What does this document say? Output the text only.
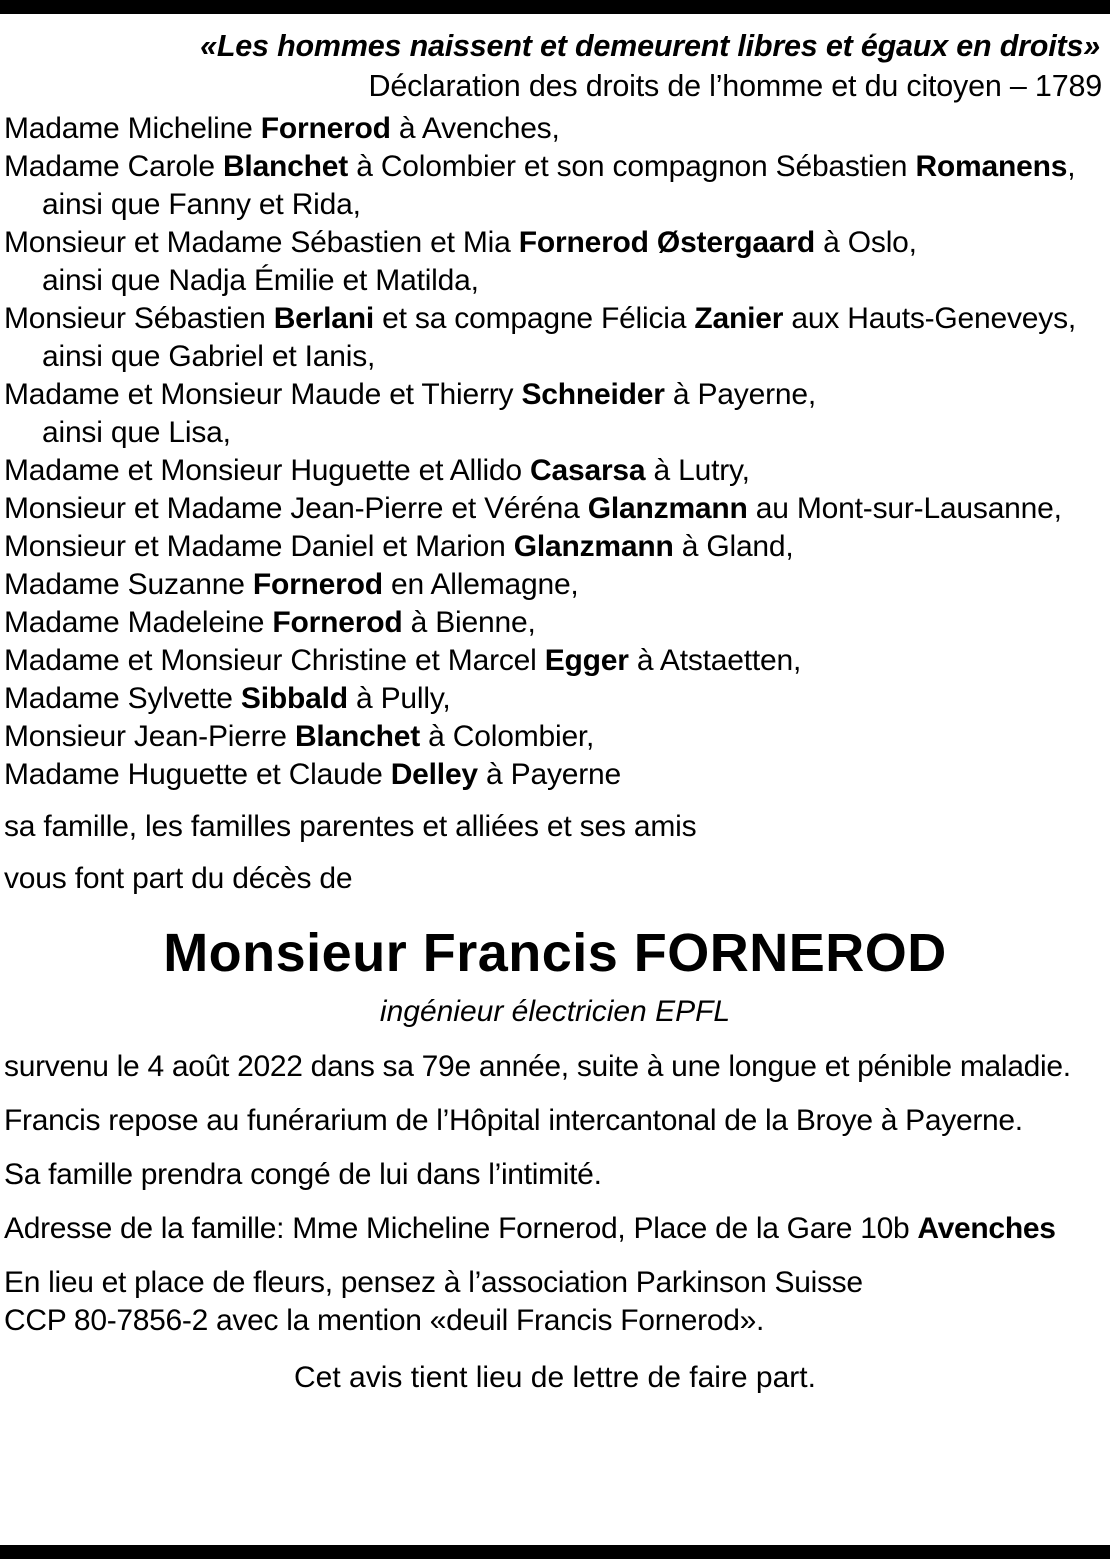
«Les hommes naissent et demeurent libres et égaux en droits»
Déclaration des droits de l’homme et du citoyen – 1789
Madame Micheline Fornerod à Avenches,
Madame Carole Blanchet à Colombier et son compagnon Sébastien Romanens,
ainsi que Fanny et Rida,
Monsieur et Madame Sébastien et Mia Fornerod Østergaard à Oslo,
ainsi que Nadja Émilie et Matilda,
Monsieur Sébastien Berlani et sa compagne Félicia Zanier aux Hauts-Geneveys,
ainsi que Gabriel et Ianis,
Madame et Monsieur Maude et Thierry Schneider à Payerne,
ainsi que Lisa,
Madame et Monsieur Huguette et Allido Casarsa à Lutry,
Monsieur et Madame Jean-Pierre et Véréna Glanzmann au Mont-sur-Lausanne,
Monsieur et Madame Daniel et Marion Glanzmann à Gland,
Madame Suzanne Fornerod en Allemagne,
Madame Madeleine Fornerod à Bienne,
Madame et Monsieur Christine et Marcel Egger à Atstaetten,
Madame Sylvette Sibbald à Pully,
Monsieur Jean-Pierre Blanchet à Colombier,
Madame Huguette et Claude Delley à Payerne
sa famille, les familles parentes et alliées et ses amis
vous font part du décès de
Monsieur Francis FORNEROD
ingénieur électricien EPFL
survenu le 4 août 2022 dans sa 79e année, suite à une longue et pénible maladie.
Francis repose au funérarium de l’Hôpital intercantonal de la Broye à Payerne.
Sa famille prendra congé de lui dans l’intimité.
Adresse de la famille: Mme Micheline Fornerod, Place de la Gare 10b Avenches
En lieu et place de fleurs, pensez à l’association Parkinson Suisse
CCP 80-7856-2 avec la mention «deuil Francis Fornerod».
Cet avis tient lieu de lettre de faire part.
